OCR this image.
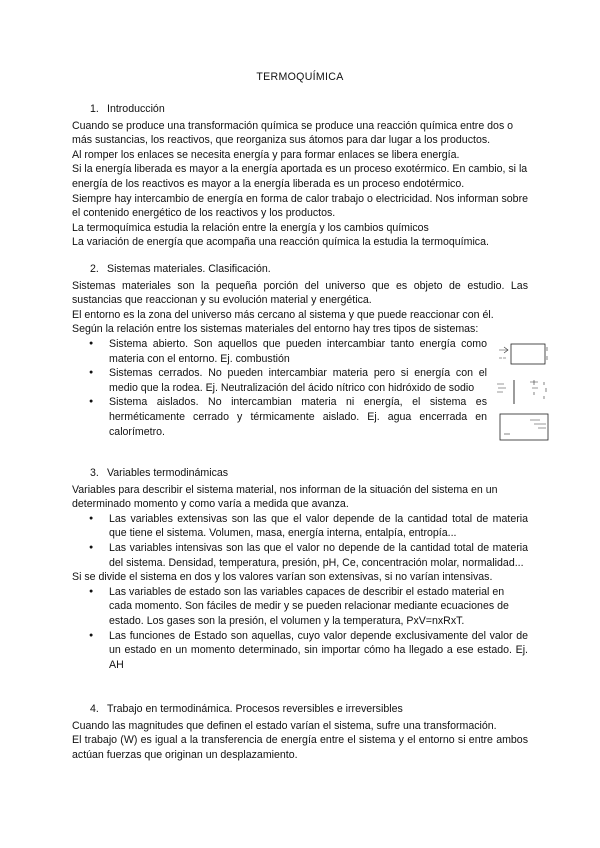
TERMOQUÍMICA
1. Introducción

Cuando se produce una transformación química se produce una reacción química entre dos o más sustancias, los reactivos, que reorganiza sus átomos para dar lugar a los productos.

Al romper los enlaces se necesita energía y para formar enlaces se libera energía.

Si la energía liberada es mayor a la energía aportada es un proceso exotérmico. En cambio, si la energía de los reactivos es mayor a la energía liberada es un proceso endotérmico.

Siempre hay intercambio de energía en forma de calor trabajo o electricidad. Nos informan sobre el contenido energético de los reactivos y los productos.

La termoquímica estudia la relación entre la energía y los cambios químicos

La variación de energía que acompaña una reacción química la estudia la termoquímica.

2. Sistemas materiales. Clasificación.

Sistemas materiales son la pequeña porción del universo que es objeto de estudio. Las sustancias que reaccionan y su evolución material y energética.

El entorno es la zona del universo más cercano al sistema y que puede reaccionar con él.

Según la relación entre los sistemas materiales del entorno hay tres tipos de sistemas:

● Sistema abierto. Son aquellos que pueden intercambiar tanto energía como materia con el entorno. Ej. combustión
● Sistemas cerrados. No pueden intercambiar materia pero si energía con el medio que la rodea. Ej. Neutralización del ácido nítrico con hidróxido de sodio
● Sistema aislados. No intercambian materia ni energía, el sistema es herméticamente cerrado y térmicamente aislado. Ej. agua encerrada en calorímetro.
3. Variables termodinámicas

Variables para describir el sistema material, nos informan de la situación del sistema en un determinado momento y como varía a medida que avanza.

● Las variables extensivas son las que el valor depende de la cantidad total de materia que tiene el sistema. Volumen, masa, energía interna, entalpía, entropía...
● Las variables intensivas son las que el valor no depende de la cantidad total de materia del sistema. Densidad, temperatura, presión, pH, Ce, concentración molar, normalidad...

Si se divide el sistema en dos y los valores varían son extensivas, si no varían intensivas.

● Las variables de estado son las variables capaces de describir el estado material en cada momento. Son fáciles de medir y se pueden relacionar mediante ecuaciones de estado. Los gases son la presión, el volumen y la temperatura, PxV=nxRxT.
● Las funciones de Estado son aquellas, cuyo valor depende exclusivamente del valor de un estado en un momento determinado, sin importar cómo ha llegado a ese estado. Ej. AH
4. Trabajo en termodinámica. Procesos reversibles e irreversibles

Cuando las magnitudes que definen el estado varían el sistema, sufre una transformación.

El trabajo (W) es igual a la transferencia de energía entre el sistema y el entorno si entre ambos actúan fuerzas que originan un desplazamiento.
